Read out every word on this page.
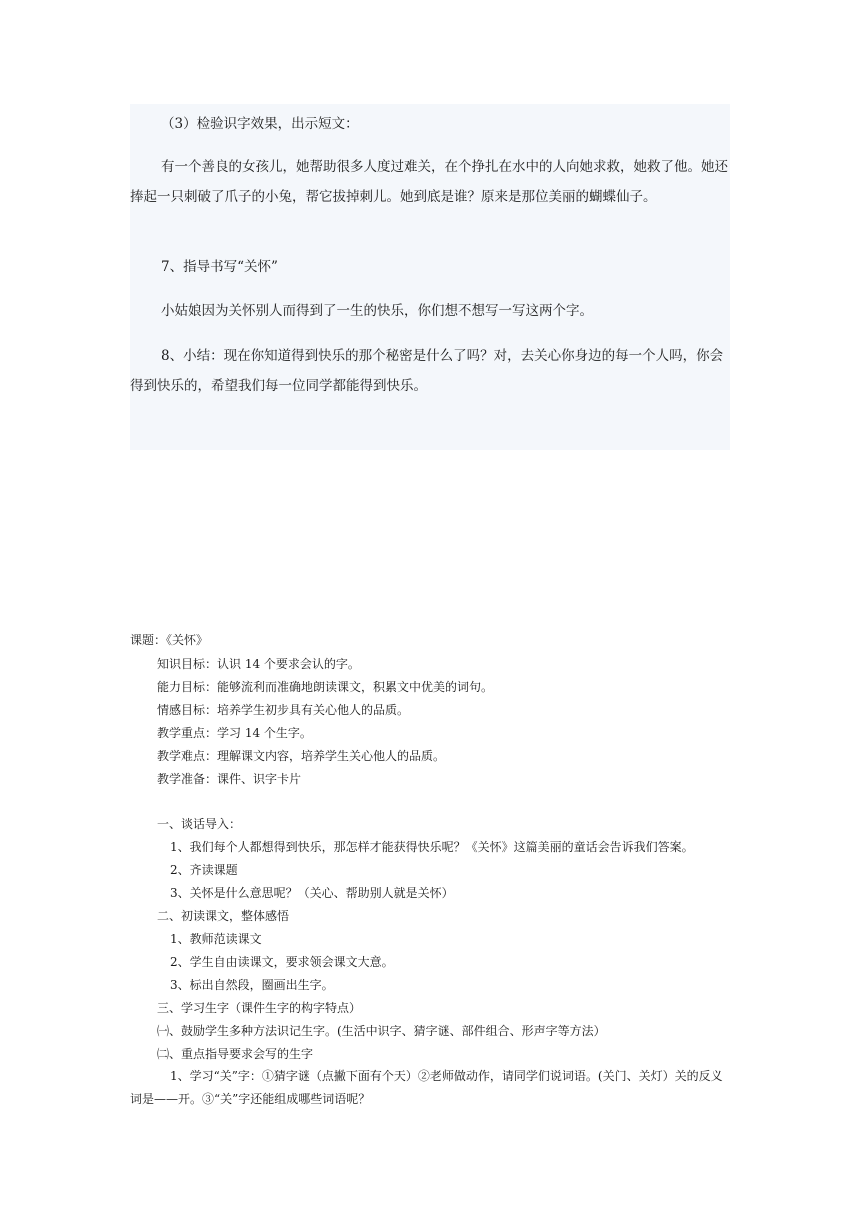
（3）检验识字效果，出示短文：

有一个善良的女孩儿，她帮助很多人度过难关，在个挣扎在水中的人向她求救，她救了他。她还捧起一只刺破了爪子的小兔，帮它拔掉刺儿。她到底是谁？原来是那位美丽的蝴蝶仙子。

7、指导书写“关怀”

小姑娘因为关怀别人而得到了一生的快乐，你们想不想写一写这两个字。

8、小结：现在你知道得到快乐的那个秘密是什么了吗？对，去关心你身边的每一个人吗，你会得到快乐的，希望我们每一位同学都能得到快乐。

课题：《关怀》
知识目标：认识 14 个要求会认的字。
能力目标：能够流利而准确地朗读课文，积累文中优美的词句。
情感目标：培养学生初步具有关心他人的品质。
教学重点：学习 14 个生字。
教学难点：理解课文内容，培养学生关心他人的品质。
教学准备：课件、识字卡片
一、谈话导入：
1、我们每个人都想得到快乐，那怎样才能获得快乐呢？《关怀》这篇美丽的童话会告诉我们答案。
2、齐读课题
3、关怀是什么意思呢？（关心、帮助别人就是关怀）
二、初读课文，整体感悟
1、教师范读课文
2、学生自由读课文，要求领会课文大意。
3、标出自然段，圈画出生字。
三、学习生字（课件生字的构字特点）
㈠、鼓励学生多种方法识记生字。(生活中识字、猜字谜、部件组合、形声字等方法）
㈡、重点指导要求会写的生字
1、学习“关”字：①猜字谜（点撇下面有个天）②老师做动作，请同学们说词语。(关门、关灯）关的反义词是——开。③“关”字还能组成哪些词语呢？
